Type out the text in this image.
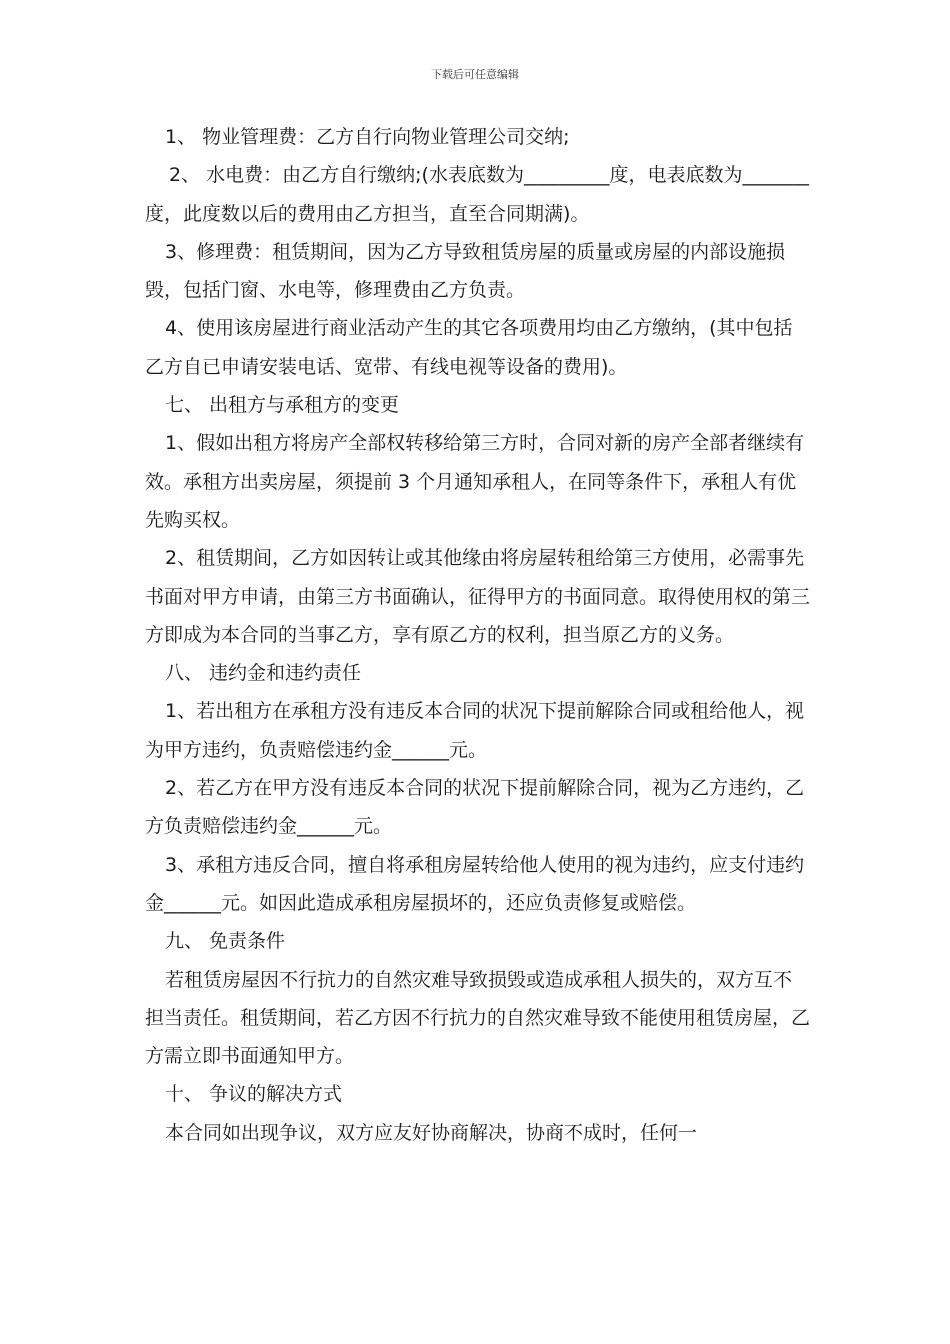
下载后可任意编辑

1、 物业管理费：乙方自行向物业管理公司交纳;

2、 水电费：由乙方自行缴纳;(水表底数为_________度，电表底数为_______度，此度数以后的费用由乙方担当，直至合同期满)。

3、修理费：租赁期间，因为乙方导致租赁房屋的质量或房屋的内部设施损毁，包括门窗、水电等，修理费由乙方负责。

4、使用该房屋进行商业活动产生的其它各项费用均由乙方缴纳，(其中包括乙方自已申请安装电话、宽带、有线电视等设备的费用)。

七、 出租方与承租方的变更

1、假如出租方将房产全部权转移给第三方时，合同对新的房产全部者继续有效。承租方出卖房屋，须提前 3 个月通知承租人，在同等条件下，承租人有优先购买权。

2、租赁期间，乙方如因转让或其他缘由将房屋转租给第三方使用，必需事先书面对甲方申请，由第三方书面确认，征得甲方的书面同意。取得使用权的第三方即成为本合同的当事乙方，享有原乙方的权利，担当原乙方的义务。

八、 违约金和违约责任

1、若出租方在承租方没有违反本合同的状况下提前解除合同或租给他人，视为甲方违约，负责赔偿违约金______元。

2、若乙方在甲方没有违反本合同的状况下提前解除合同，视为乙方违约，乙方负责赔偿违约金______元。

3、承租方违反合同，擅自将承租房屋转给他人使用的视为违约，应支付违约金______元。如因此造成承租房屋损坏的，还应负责修复或赔偿。

九、 免责条件

若租赁房屋因不行抗力的自然灾难导致损毁或造成承租人损失的，双方互不担当责任。租赁期间，若乙方因不行抗力的自然灾难导致不能使用租赁房屋，乙方需立即书面通知甲方。

十、 争议的解决方式

本合同如出现争议，双方应友好协商解决，协商不成时，任何一
